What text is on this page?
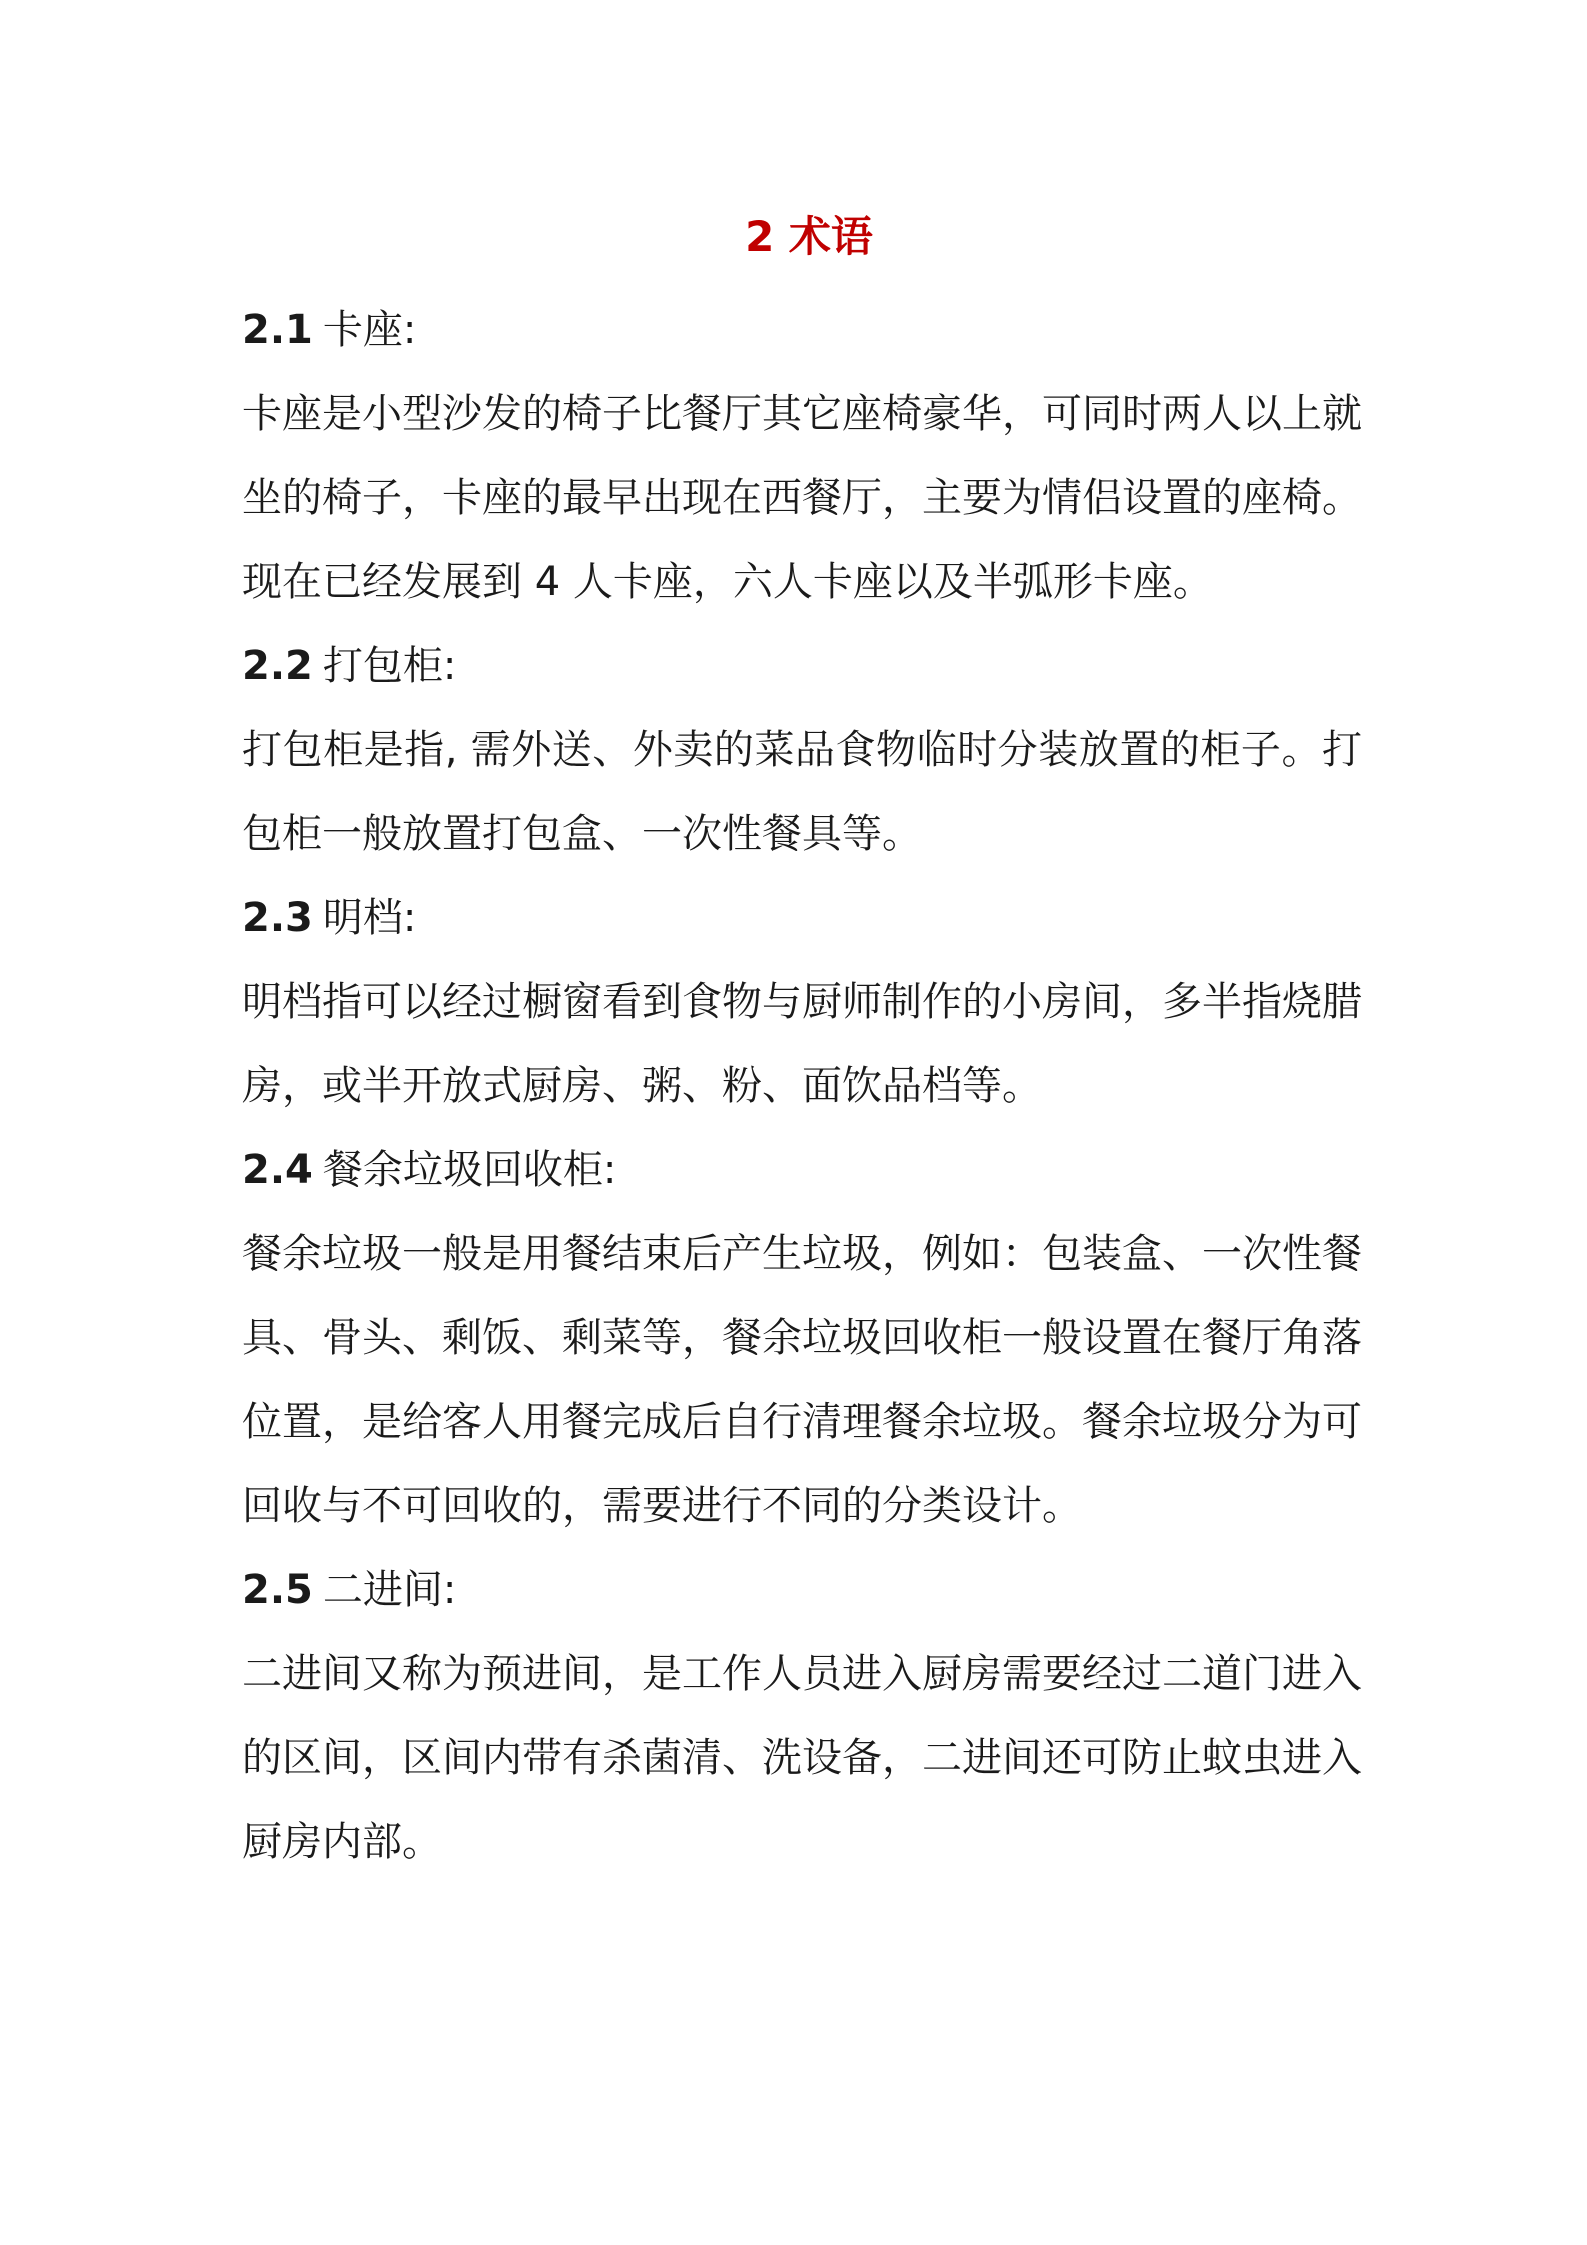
2 术语
2.1 卡座:

卡座是小型沙发的椅子比餐厅其它座椅豪华，可同时两人以上就坐的椅子，卡座的最早出现在西餐厅，主要为情侣设置的座椅。现在已经发展到 4 人卡座，六人卡座以及半弧形卡座。

2.2 打包柜:

打包柜是指, 需外送、外卖的菜品食物临时分装放置的柜子。打包柜一般放置打包盒、一次性餐具等。

2.3 明档:

明档指可以经过橱窗看到食物与厨师制作的小房间，多半指烧腊房，或半开放式厨房、粥、粉、面饮品档等。

2.4 餐余垃圾回收柜:

餐余垃圾一般是用餐结束后产生垃圾，例如：包装盒、一次性餐具、骨头、剩饭、剩菜等，餐余垃圾回收柜一般设置在餐厅角落位置，是给客人用餐完成后自行清理餐余垃圾。餐余垃圾分为可回收与不可回收的，需要进行不同的分类设计。

2.5 二进间:

二进间又称为预进间，是工作人员进入厨房需要经过二道门进入的区间，区间内带有杀菌清、洗设备，二进间还可防止蚊虫进入厨房内部。
